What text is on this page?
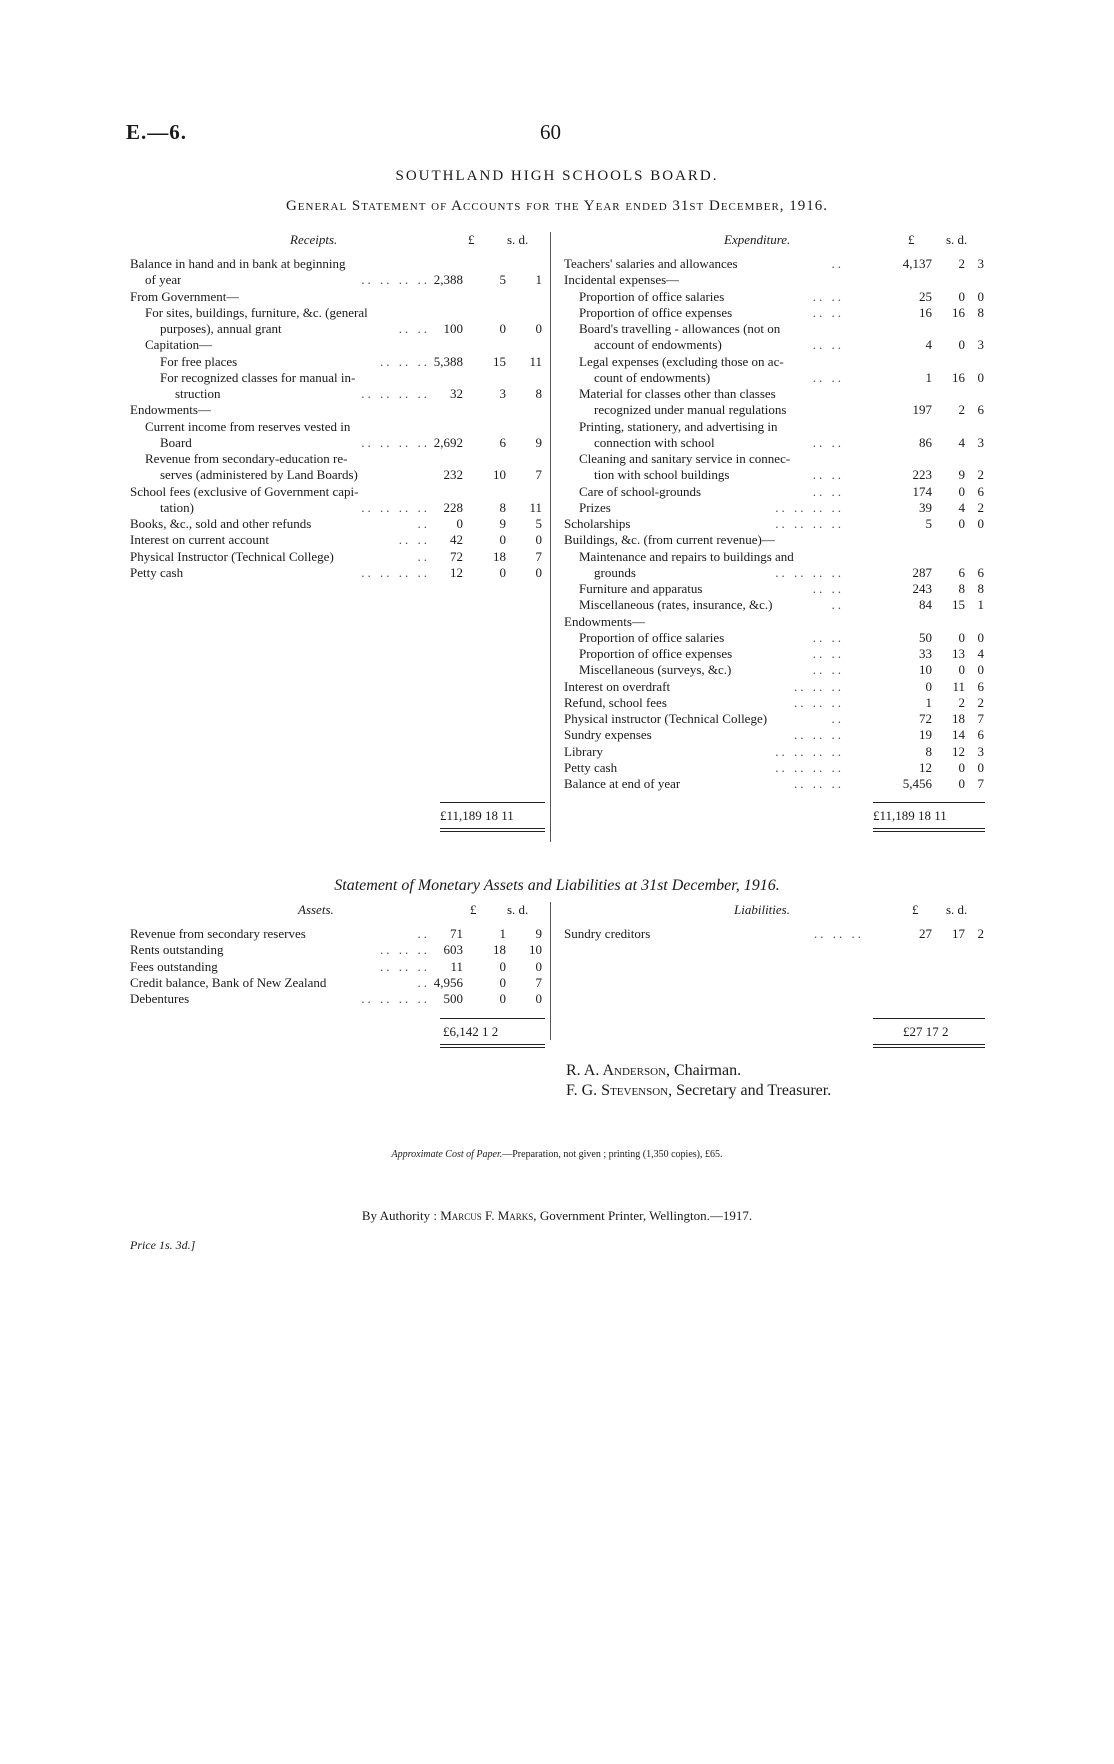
E.—6.	60
SOUTHLAND HIGH SCHOOLS BOARD.
General Statement of Accounts for the Year ended 31st December, 1916.
Receipts.	£	s. d.	Expenditure.	£ s. d.
Balance in hand and in bank at beginning
of year	.. .. .. .. 2,388	5	1
From Government—
For sites, buildings, furniture, &c. (general
purposes), annual grant	.. ..	100	0	0
Capitation—
For free places	.. .. .. 5,388	15	11
For recognized classes for manual in-
struction	.. .. .. ..	32	3	8
Endowments—
Current income from reserves vested in
Board	.. .. .. .. 2,692	6	9
Revenue from secondary-education re-
serves (administered by Land Boards)	232	10	7
School fees (exclusive of Government capi-
tation)	.. .. .. ..	228	8	11
Books, &c., sold and other refunds	..	0	9	5
Interest on current account	.. ..	42	0	0
Physical Instructor (Technical College)	..	72	18	7
Petty cash	.. .. .. ..	12	0	0
Teachers' salaries and allowances	..	4,137	2 3
Incidental expenses—
Proportion of office salaries	.. ..	25	0 0
Proportion of office expenses	.. ..	16	16 8
Board's travelling - allowances (not on
account of endowments)	.. ..	4	0 3
Legal expenses (excluding those on ac-
count of endowments)	.. ..	1	16 0
Material for classes other than classes
recognized under manual regulations	197	2 6
Printing, stationery, and advertising in
connection with school	.. ..	86	4 3
Cleaning and sanitary service in connec-
tion with school buildings	.. ..	223	9 2
Care of school-grounds	.. ..	174	0 6
Prizes	.. .. .. ..	39	4 2
Scholarships	.. .. .. ..	5	0 0
Buildings, &c. (from current revenue)—
Maintenance and repairs to buildings and
grounds	.. .. .. ..	287	6 6
Furniture and apparatus	.. ..	243	8 8
Miscellaneous (rates, insurance, &c.)	..	84	15 1
Endowments—
Proportion of office salaries	.. ..	50	0 0
Proportion of office expenses	.. ..	33	13 4
Miscellaneous (surveys, &c.)	.. ..	10	0 0
Interest on overdraft	.. .. ..	0	11 6
Refund, school fees	.. .. ..	1	2 2
Physical instructor (Technical College)	..	72	18 7
Sundry expenses	.. .. ..	19	14 6
Library	.. .. .. ..	8	12 3
Petty cash	.. .. .. ..	12	0 0
Balance at end of year	.. .. ..	5,456	0 7
£11,189 18 11	£11,189 18 11
Statement of Monetary Assets and Liabilities at 31st December, 1916.
Assets.	£ s. d.	Liabilities.	£ s. d.
Revenue from secondary reserves	..	71	1	9
Rents outstanding	.. .. ..	603	18	10
Fees outstanding	.. .. ..	11	0	0
Credit balance, Bank of New Zealand	.. 4,956	0	7
Debentures	.. .. .. ..	500	0	0
Sundry creditors	.. .. ..	27	17 2
£6,142 1 2	£27 17 2
R. A. Anderson, Chairman.
F. G. Stevenson, Secretary and Treasurer.
Approximate Cost of Paper.—Preparation, not given ; printing (1,350 copies), £65.
By Authority : Marcus F. Marks, Government Printer, Wellington.—1917.
Price 1s. 3d.]
